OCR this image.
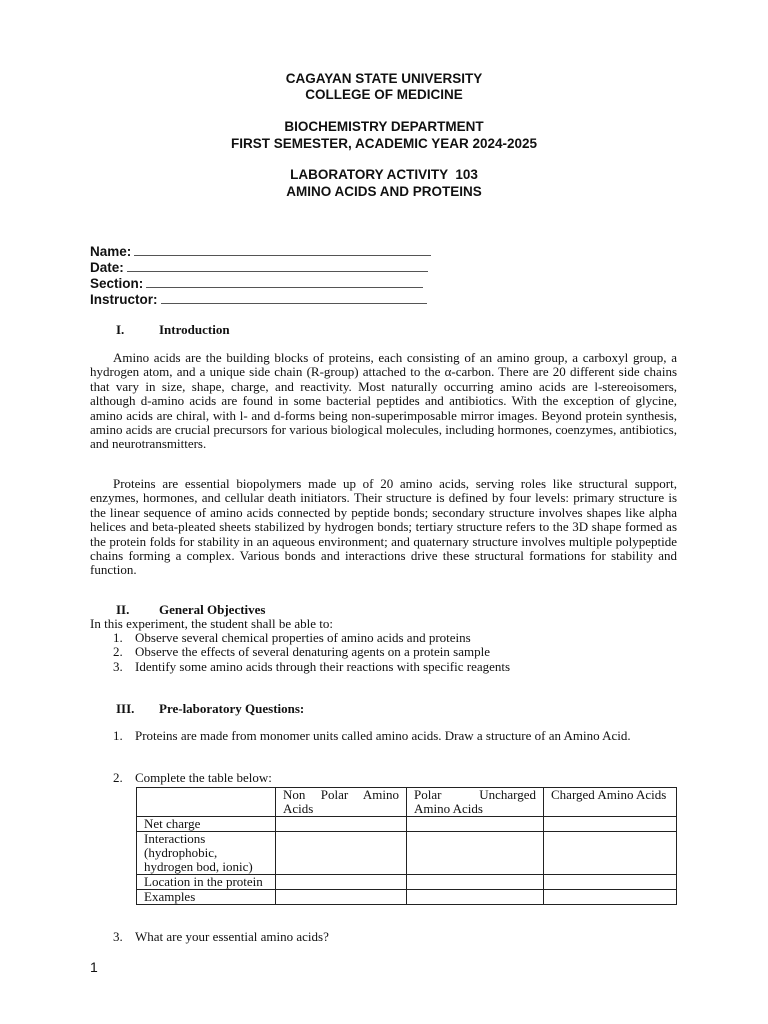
CAGAYAN STATE UNIVERSITY
COLLEGE OF MEDICINE
BIOCHEMISTRY DEPARTMENT
FIRST SEMESTER, ACADEMIC YEAR 2024-2025
LABORATORY ACTIVITY  103
AMINO ACIDS AND PROTEINS
Name:
Date:
Section:
Instructor:
I.	Introduction
Amino acids are the building blocks of proteins, each consisting of an amino group, a carboxyl group, a hydrogen atom, and a unique side chain (R-group) attached to the α-carbon. There are 20 different side chains that vary in size, shape, charge, and reactivity. Most naturally occurring amino acids are l-stereoisomers, although d-amino acids are found in some bacterial peptides and antibiotics. With the exception of glycine, amino acids are chiral, with l- and d-forms being non-superimposable mirror images. Beyond protein synthesis, amino acids are crucial precursors for various biological molecules, including hormones, coenzymes, antibiotics, and neurotransmitters.
Proteins are essential biopolymers made up of 20 amino acids, serving roles like structural support, enzymes, hormones, and cellular death initiators. Their structure is defined by four levels: primary structure is the linear sequence of amino acids connected by peptide bonds; secondary structure involves shapes like alpha helices and beta-pleated sheets stabilized by hydrogen bonds; tertiary structure refers to the 3D shape formed as the protein folds for stability in an aqueous environment; and quaternary structure involves multiple polypeptide chains forming a complex. Various bonds and interactions drive these structural formations for stability and function.
II. General Objectives
In this experiment, the student shall be able to:
1. Observe several chemical properties of amino acids and proteins
2. Observe the effects of several denaturing agents on a protein sample
3. Identify some amino acids through their reactions with specific reagents
III. Pre-laboratory Questions:
1. Proteins are made from monomer units called amino acids. Draw a structure of an Amino Acid.
2. Complete the table below:
	Non Polar Amino Acids	Polar Uncharged Amino Acids	Charged Amino Acids
Net charge			
Interactions (hydrophobic, hydrogen bod, ionic)			
Location in the protein			
Examples			
3. What are your essential amino acids?
1
